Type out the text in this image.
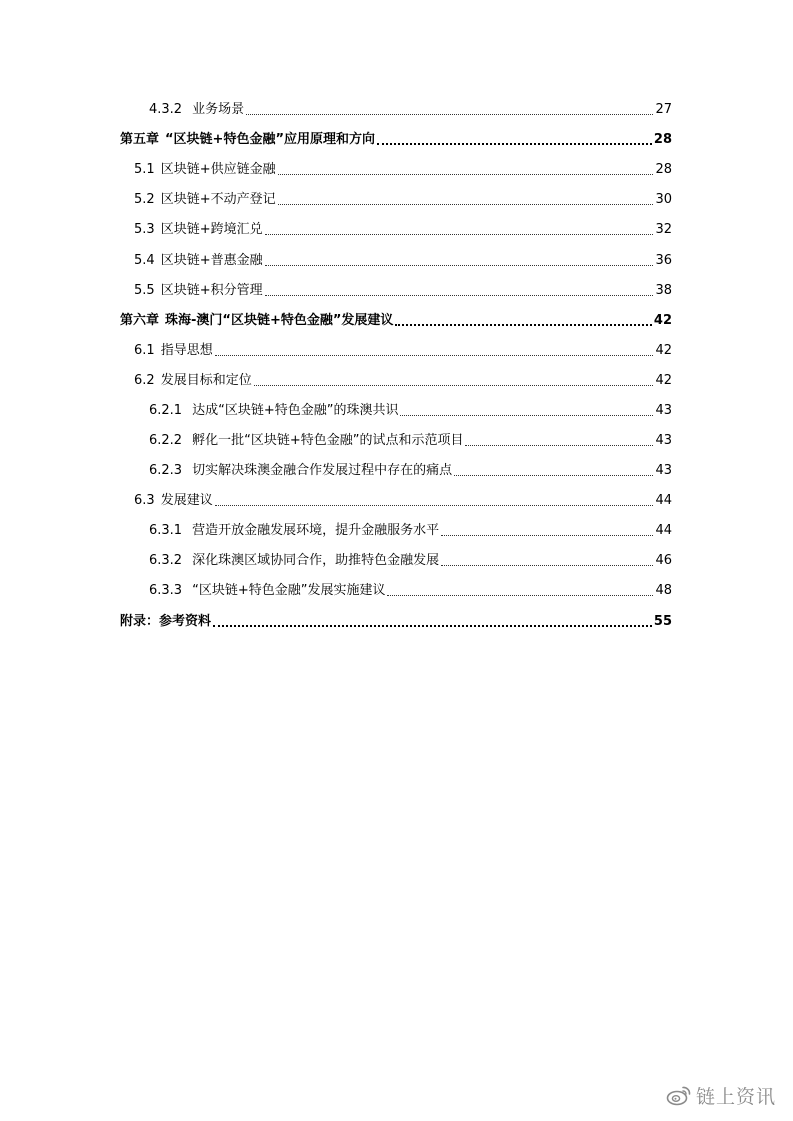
4.3.2 业务场景	27
第五章 “区块链+特色金融”应用原理和方向	28
5.1 区块链+供应链金融	28
5.2 区块链+不动产登记	30
5.3 区块链+跨境汇兑	32
5.4 区块链+普惠金融	36
5.5 区块链+积分管理	38
第六章 珠海-澳门“区块链+特色金融”发展建议	42
6.1 指导思想	42
6.2 发展目标和定位	42
6.2.1 达成“区块链+特色金融”的珠澳共识	43
6.2.2 孵化一批“区块链+特色金融”的试点和示范项目	43
6.2.3 切实解决珠澳金融合作发展过程中存在的痛点	43
6.3 发展建议	44
6.3.1 营造开放金融发展环境，提升金融服务水平	44
6.3.2 深化珠澳区域协同合作，助推特色金融发展	46
6.3.3 “区块链+特色金融”发展实施建议	48
附录：参考资料	55
链上资讯
